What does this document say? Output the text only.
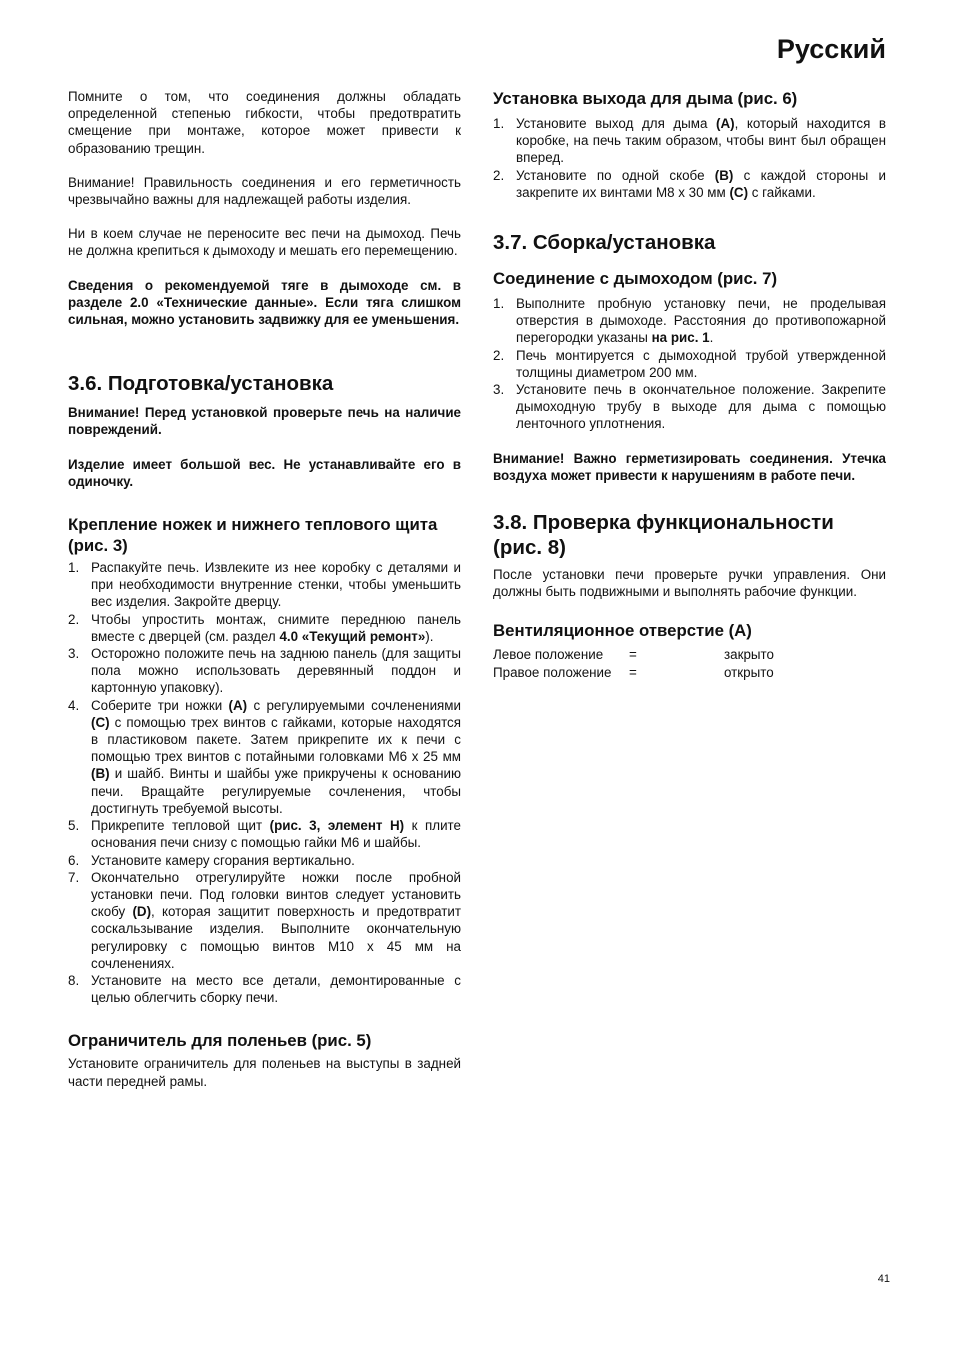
Русский

Помните о том, что соединения должны обладать определенной степенью гибкости, чтобы предотвратить смещение при монтаже, которое может привести к образованию трещин.

Внимание! Правильность соединения и его герметичность чрезвычайно важны для надлежащей работы изделия.

Ни в коем случае не переносите вес печи на дымоход. Печь не должна крепиться к дымоходу и мешать его перемещению.

Сведения о рекомендуемой тяге в дымоходе см. в разделе 2.0 «Технические данные». Если тяга слишком сильная, можно установить задвижку для ее уменьшения.

3.6. Подготовка/установка

Внимание! Перед установкой проверьте печь на наличие повреждений.

Изделие имеет большой вес. Не устанавливайте его в одиночку.

Крепление ножек и нижнего теплового щита (рис. 3)
1. Распакуйте печь. Извлеките из нее коробку с деталями и при необходимости внутренние стенки, чтобы уменьшить вес изделия. Закройте дверцу.
2. Чтобы упростить монтаж, снимите переднюю панель вместе с дверцей (см. раздел 4.0 «Текущий ремонт»).
3. Осторожно положите печь на заднюю панель (для защиты пола можно использовать деревянный поддон и картонную упаковку).
4. Соберите три ножки (A) с регулируемыми сочленениями (C) с помощью трех винтов с гайками, которые находятся в пластиковом пакете. Затем прикрепите их к печи с помощью трех винтов с потайными головками M6 x 25 мм (B) и шайб. Винты и шайбы уже прикручены к основанию печи. Вращайте регулируемые сочленения, чтобы достигнуть требуемой высоты.
5. Прикрепите тепловой щит (рис. 3, элемент H) к плите основания печи снизу с помощью гайки M6 и шайбы.
6. Установите камеру сгорания вертикально.
7. Окончательно отрегулируйте ножки после пробной установки печи. Под головки винтов следует установить скобу (D), которая защитит поверхность и предотвратит соскальзывание изделия. Выполните окончательную регулировку с помощью винтов M10 x 45 мм на сочленениях.
8. Установите на место все детали, демонтированные с целью облегчить сборку печи.
Ограничитель для поленьев (рис. 5)

Установите ограничитель для поленьев на выступы в задней части передней рамы.

Установка выхода для дыма (рис. 6)
1. Установите выход для дыма (A), который находится в коробке, на печь таким образом, чтобы винт был обращен вперед.
2. Установите по одной скобе (B) с каждой стороны и закрепите их винтами M8 x 30 мм (C) с гайками.
3.7. Сборка/установка
Соединение с дымоходом (рис. 7)
1. Выполните пробную установку печи, не проделывая отверстия в дымоходе. Расстояния до противопожарной перегородки указаны на рис. 1.
2. Печь монтируется с дымоходной трубой утвержденной толщины диаметром 200 мм.
3. Установите печь в окончательное положение. Закрепите дымоходную трубу в выходе для дыма с помощью ленточного уплотнения.

Внимание! Важно герметизировать соединения. Утечка воздуха может привести к нарушениям в работе печи.

3.8. Проверка функциональности (рис. 8)

После установки печи проверьте ручки управления. Они должны быть подвижными и выполнять рабочие функции.

Вентиляционное отверстие (A)
Левое положение	=	закрыто
Правое положение	=	открыто
41
